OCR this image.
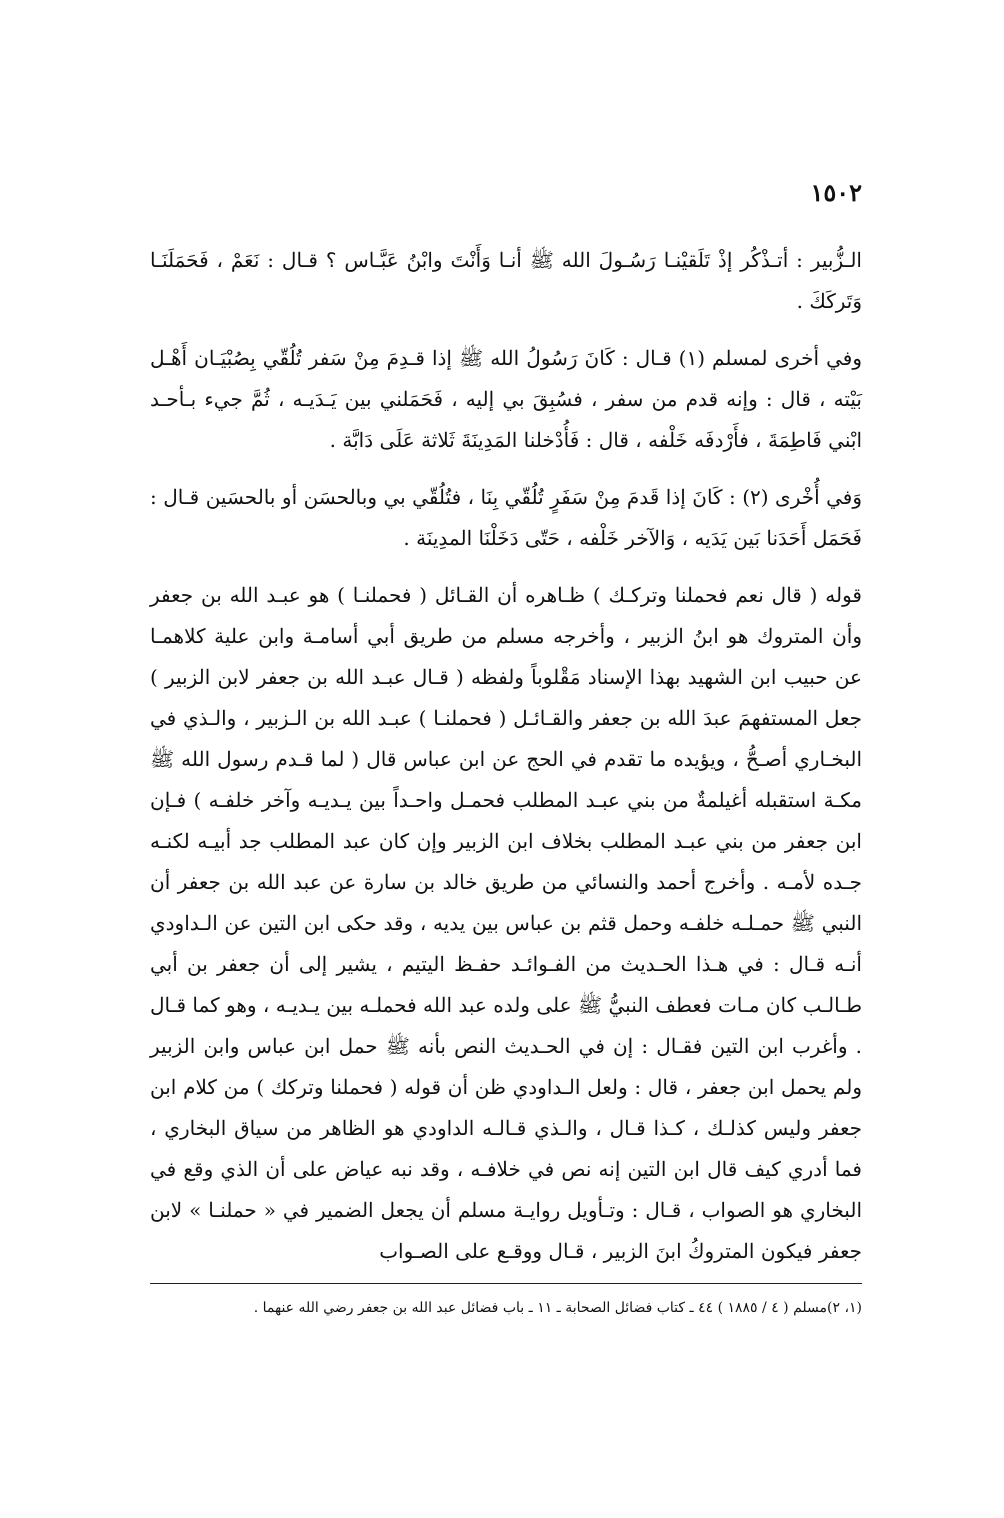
١٥٠٢

الـزُّبير : أتـذْكُر إذْ تَلَقيْنـا رَسُـولَ الله ﷺ أنـا وَأَنْتَ وابْنُ عَبَّـاس ؟ قـال : نَعَمْ ، فَحَمَلَنَـا وَتَركَكَ .

وفي أخرى لمسلم (١) قـال : كَانَ رَسُولُ الله ﷺ إذا قـدِمَ مِنْ سَفر تُلُقّي بِصُبْيَـان أَهْـل بَيْته ، قال : وإنه قدم من سفر ، فسُبِقَ بي إليه ، فَحَمَلني بين يَـدَيـه ، ثُمَّ جيء بـأحـد ابْني فَاطِمَةَ ، فأَرْدفَه خَلْفه ، قال : فَأُدْخلنا المَدِينَةَ ثَلاثة عَلَى دَابَّة .

وَفي أُخْرى (٢) : كَانَ إذا قَدمَ مِنْ سَفَرٍ تُلُقّي بِنَا ، فتُلُقّي بي وبالحسَن أو بالحسَين قـال : فَحَمَل أَحَدَنا بَين يَدَيه ، وَالآخر خَلْفه ، حَتّى دَخَلْنَا المدِينَة .

قوله ( قال نعم فحملنا وتركـك ) ظـاهره أن القـائل ( فحملنـا ) هو عبـد الله بن جعفر وأن المتروك هو ابنُ الزبير ، وأخرجه مسلم من طريق أبي أسامـة وابن علية كلاهمـا عن حبيب ابن الشهيد بهذا الإسناد مَقْلوباً ولفظه ( قـال عبـد الله بن جعفر لابن الزبير ) جعل المستفهمَ عبدَ الله بن جعفر والقـائـل ( فحملنـا ) عبـد الله بن الـزبير ، والـذي في البخـاري أصـحُّ ، ويؤيده ما تقدم في الحج عن ابن عباس قال ( لما قـدم رسول الله ﷺ مكـة استقبله أغيلمةٌ من بني عبـد المطلب فحمـل واحـداً بين يـديـه وآخر خلفـه ) فـإن ابن جعفر من بني عبـد المطلب بخلاف ابن الزبير وإن كان عبد المطلب جد أبيـه لكنـه جـده لأمـه . وأخرج أحمد والنسائي من طريق خالد بن سارة عن عبد الله بن جعفر أن النبي ﷺ حمـلـه خلفـه وحمل قثم بن عباس بين يديه ، وقد حكى ابن التين عن الـداودي أنـه قـال : في هـذا الحـديث من الفـوائـد حفـظ اليتيم ، يشير إلى أن جعفر بن أبي طـالـب كان مـات فعطف النبيُّ ﷺ على ولده عبد الله فحملـه بين يـديـه ، وهو كما قـال . وأغرب ابن التين فقـال : إن في الحـديث النص بأنه ﷺ حمل ابن عباس وابن الزبير ولم يحمل ابن جعفر ، قال : ولعل الـداودي ظن أن قوله ( فحملنا وتركك ) من كلام ابن جعفر وليس كذلـك ، كـذا قـال ، والـذي قـالـه الداودي هو الظاهر من سياق البخاري ، فما أدري كيف قال ابن التين إنه نص في خلافـه ، وقد نبه عياض على أن الذي وقع في البخاري هو الصواب ، قـال : وتـأويل روايـة مسلم أن يجعل الضمير في « حملنـا » لابن جعفر فيكون المتروكُ ابنَ الزبير ، قـال ووقـع على الصـواب

(١، ٢)مسلم ( ٤ / ١٨٨٥ ) ٤٤ ـ كتاب فضائل الصحابة ـ ١١ ـ باب فضائل عبد الله بن جعفر رضي الله عنهما .
